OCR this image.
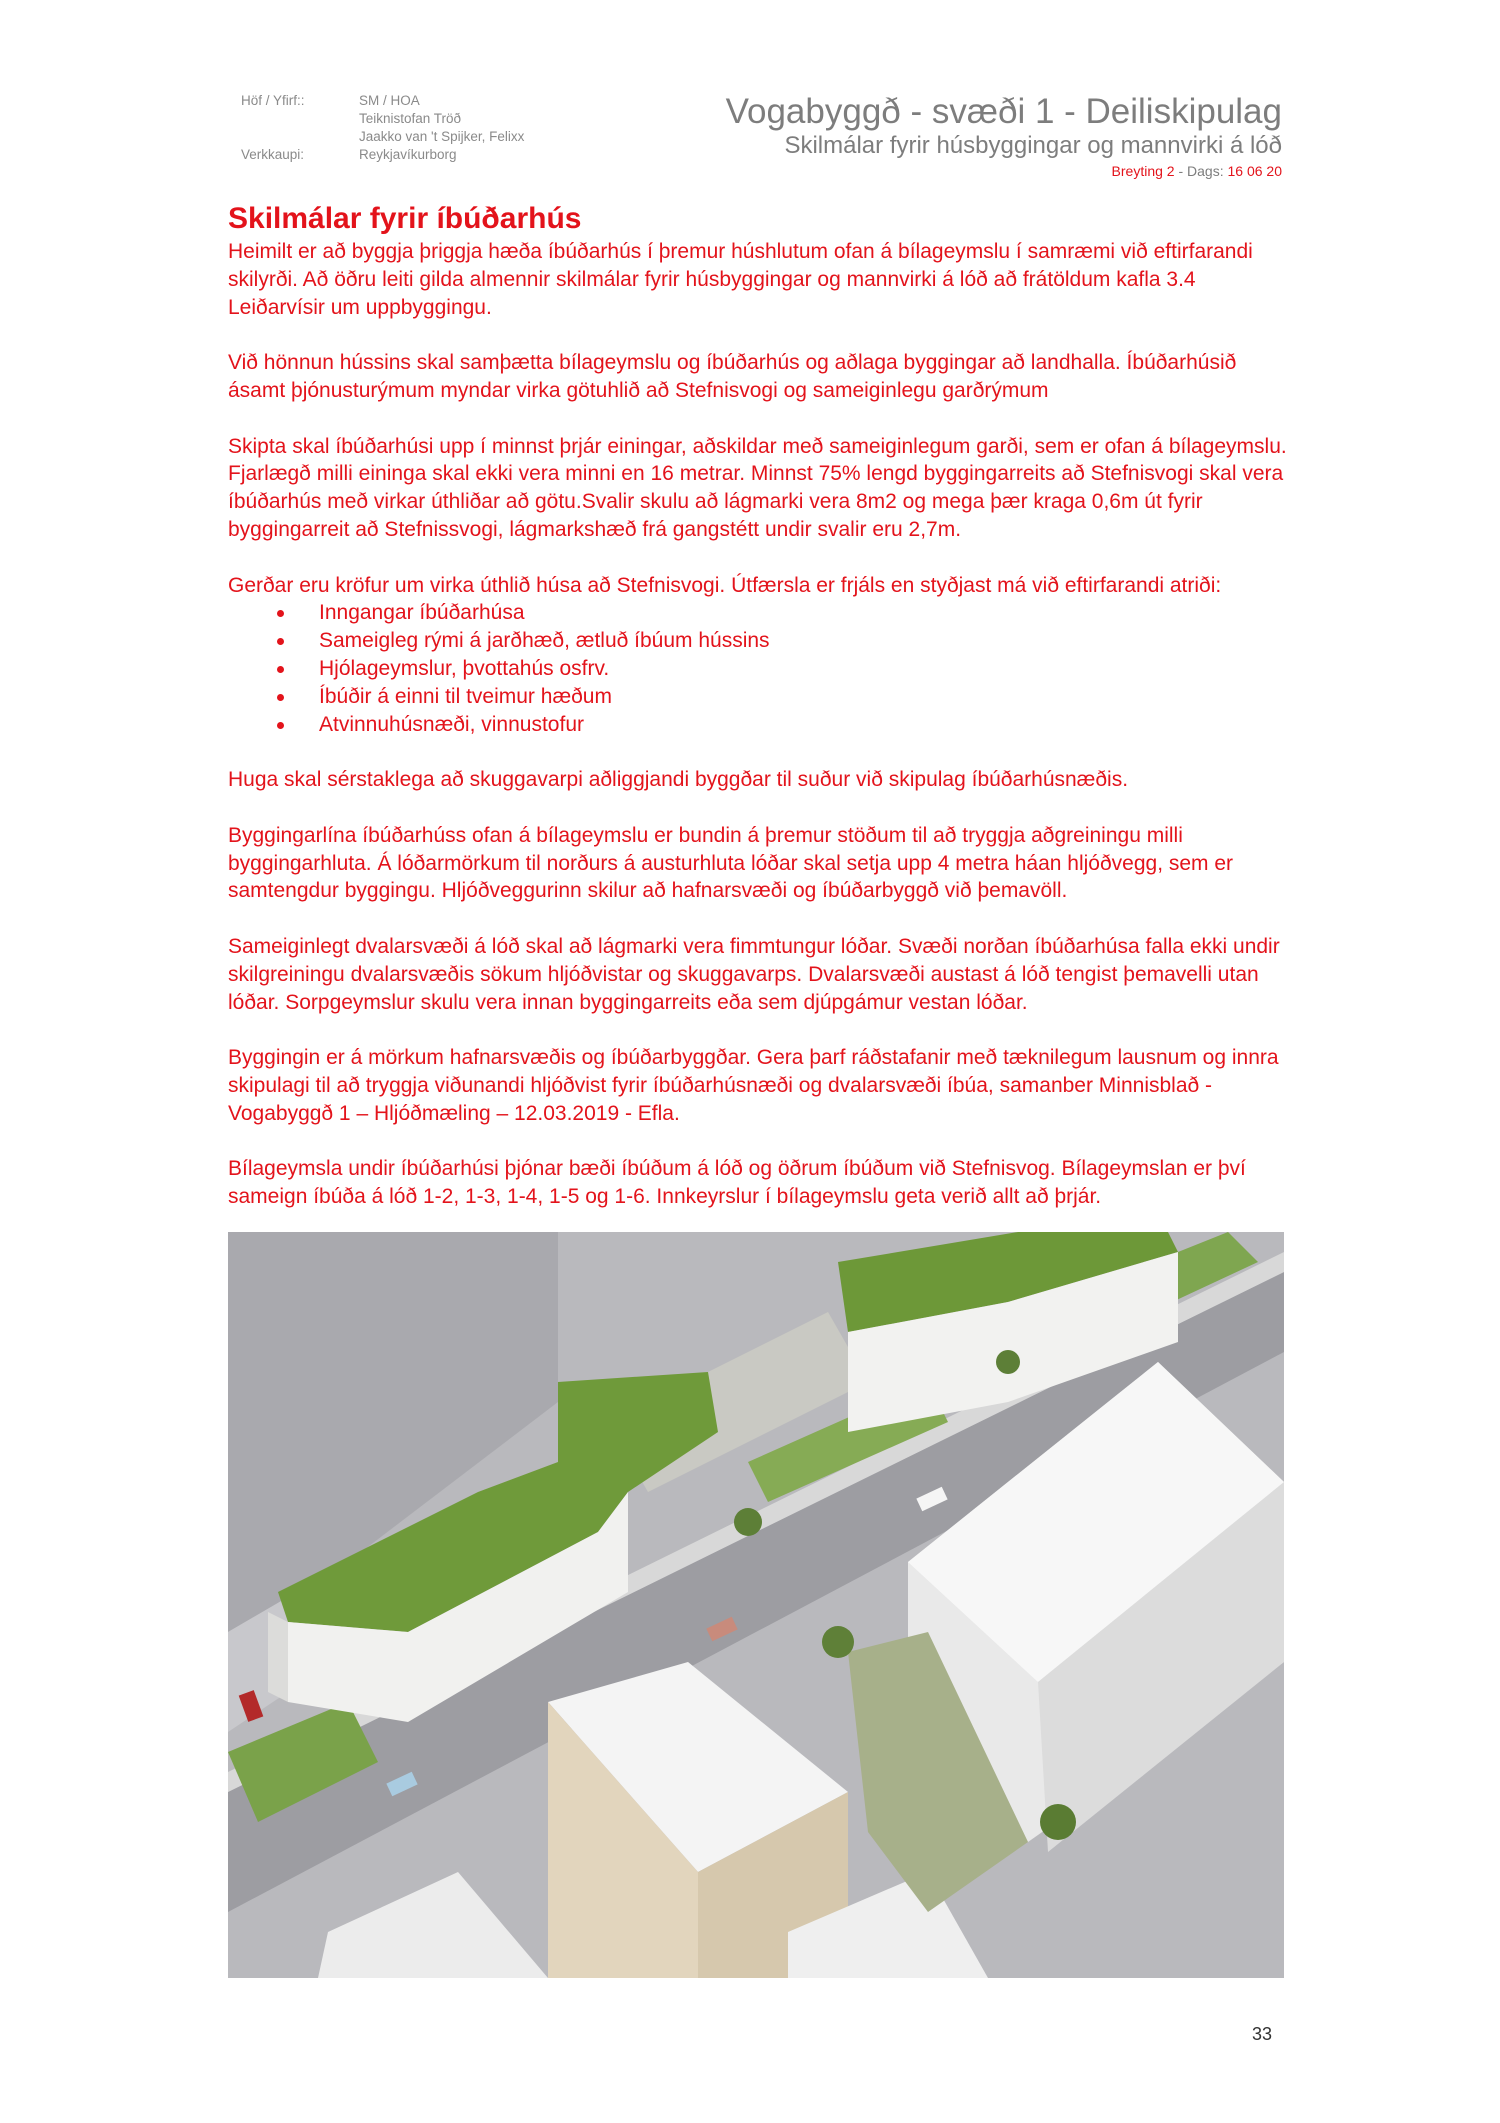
Höf / Yfirf::	SM / HOA
Teiknistofan Tröð
Jaakko van 't Spijker, Felixx
Verkkaupi:	Reykjavíkurborg
Vogabyggð - svæði 1 - Deiliskipulag
Skilmálar fyrir húsbyggingar og mannvirki á lóð
Breyting 2 - Dags: 16 06 20
Skilmálar fyrir íbúðarhús

Heimilt er að byggja þriggja hæða íbúðarhús í þremur húshlutum ofan á bílageymslu í samræmi við eftirfarandi skilyrði. Að öðru leiti gilda almennir skilmálar fyrir húsbyggingar og mannvirki á lóð að frátöldum kafla 3.4 Leiðarvísir um uppbyggingu.

Við hönnun hússins skal samþætta bílageymslu og íbúðarhús og aðlaga byggingar að landhalla. Íbúðarhúsið ásamt þjónusturýmum myndar virka götuhlið að Stefnisvogi og sameiginlegu garðrýmum

Skipta skal íbúðarhúsi upp í minnst þrjár einingar, aðskildar með sameiginlegum garði, sem er ofan á bílageymslu. Fjarlægð milli eininga skal ekki vera minni en 16 metrar. Minnst 75% lengd byggingarreits að Stefnisvogi skal vera íbúðarhús með virkar úthliðar að götu.Svalir skulu að lágmarki vera 8m2 og mega þær kraga 0,6m út fyrir byggingarreit að Stefnissvogi, lágmarkshæð frá gangstétt undir svalir eru 2,7m.

Gerðar eru kröfur um virka úthlið húsa að Stefnisvogi. Útfærsla er frjáls en styðjast má við eftirfarandi atriði:

Inngangar íbúðarhúsa
Sameigleg rými á jarðhæð, ætluð íbúum hússins
Hjólageymslur, þvottahús osfrv.
Íbúðir á einni til tveimur hæðum
Atvinnuhúsnæði, vinnustofur

Huga skal sérstaklega að skuggavarpi aðliggjandi byggðar til suður við skipulag íbúðarhúsnæðis.

Byggingarlína íbúðarhúss ofan á bílageymslu er bundin á þremur stöðum til að tryggja aðgreiningu milli byggingarhluta. Á lóðarmörkum til norðurs á austurhluta lóðar skal setja upp 4 metra háan hljóðvegg, sem er samtengdur byggingu. Hljóðveggurinn skilur að hafnarsvæði og íbúðarbyggð við þemavöll.

Sameiginlegt dvalarsvæði á lóð skal að lágmarki vera fimmtungur lóðar. Svæði norðan íbúðarhúsa falla ekki undir skilgreiningu dvalarsvæðis sökum hljóðvistar og skuggavarps. Dvalarsvæði austast á lóð tengist þemavelli utan lóðar. Sorpgeymslur skulu vera innan byggingarreits eða sem djúpgámur vestan lóðar.

Byggingin er á mörkum hafnarsvæðis og íbúðarbyggðar. Gera þarf ráðstafanir með tæknilegum lausnum og innra skipulagi til að tryggja viðunandi hljóðvist fyrir íbúðarhúsnæði og dvalarsvæði íbúa, samanber Minnisblað - Vogabyggð 1 – Hljóðmæling – 12.03.2019 - Efla.

Bílageymsla undir íbúðarhúsi þjónar bæði íbúðum á lóð og öðrum íbúðum við Stefnisvog. Bílageymslan er því sameign íbúða á lóð 1-2, 1-3, 1-4, 1-5 og 1-6. Innkeyrslur í bílageymslu geta verið allt að þrjár.

33
